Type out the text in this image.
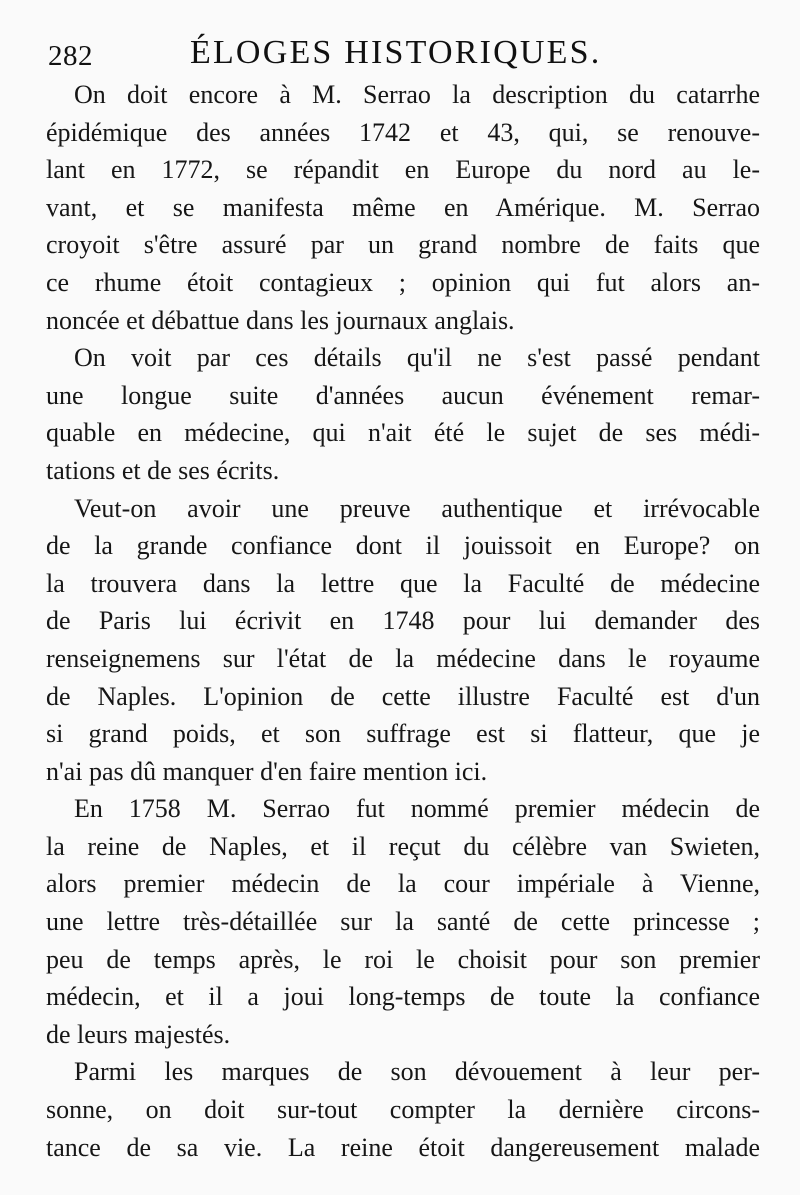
282	ÉLOGES HISTORIQUES.
On doit encore à M. Serrao la description du catarrhe
épidémique des années 1742 et 43, qui, se renouve-
lant en 1772, se répandit en Europe du nord au le-
vant, et se manifesta même en Amérique. M. Serrao
croyoit s'être assuré par un grand nombre de faits que
ce rhume étoit contagieux ; opinion qui fut alors an-
noncée et débattue dans les journaux anglais.
On voit par ces détails qu'il ne s'est passé pendant
une longue suite d'années aucun événement remar-
quable en médecine, qui n'ait été le sujet de ses médi-
tations et de ses écrits.
Veut-on avoir une preuve authentique et irrévocable
de la grande confiance dont il jouissoit en Europe? on
la trouvera dans la lettre que la Faculté de médecine
de Paris lui écrivit en 1748 pour lui demander des
renseignemens sur l'état de la médecine dans le royaume
de Naples. L'opinion de cette illustre Faculté est d'un
si grand poids, et son suffrage est si flatteur, que je
n'ai pas dû manquer d'en faire mention ici.
En 1758 M. Serrao fut nommé premier médecin de
la reine de Naples, et il reçut du célèbre van Swieten,
alors premier médecin de la cour impériale à Vienne,
une lettre très-détaillée sur la santé de cette princesse ;
peu de temps après, le roi le choisit pour son premier
médecin, et il a joui long-temps de toute la confiance
de leurs majestés.
Parmi les marques de son dévouement à leur per-
sonne, on doit sur-tout compter la dernière circons-
tance de sa vie. La reine étoit dangereusement malade
